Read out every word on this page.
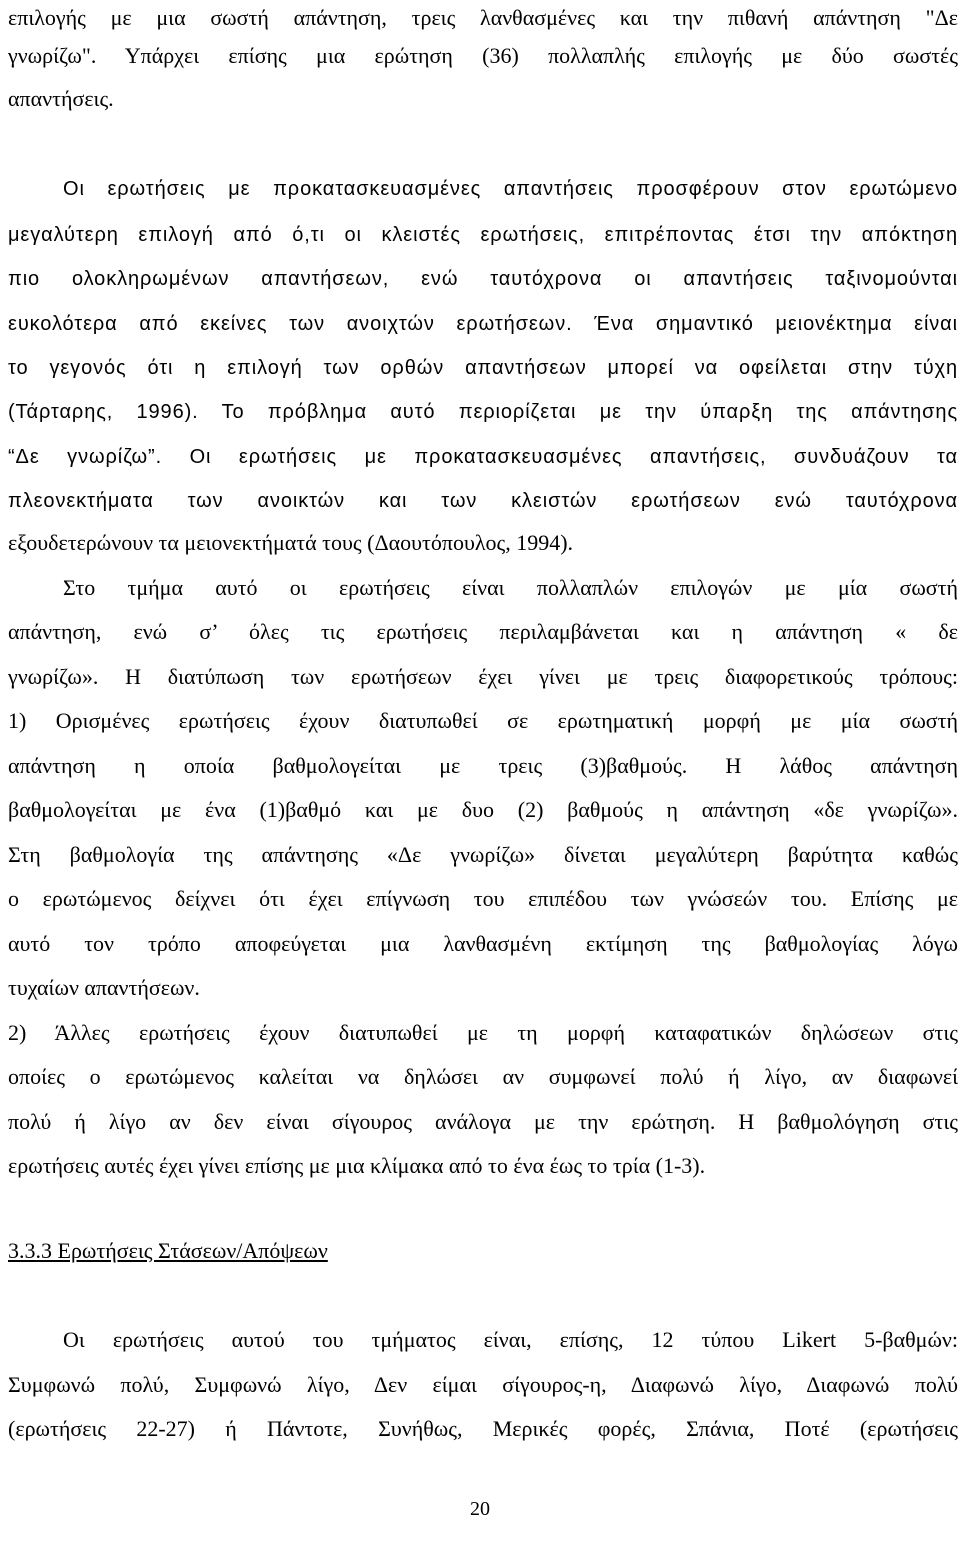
επιλογής με μια σωστή απάντηση, τρεις λανθασμένες και την πιθανή απάντηση "Δε
γνωρίζω". Υπάρχει επίσης μια ερώτηση (36) πολλαπλής επιλογής με δύο σωστές
απαντήσεις.
Οι ερωτήσεις με προκατασκευασμένες απαντήσεις προσφέρουν στον ερωτώμενο
μεγαλύτερη επιλογή από ό,τι οι κλειστές ερωτήσεις, επιτρέποντας έτσι την απόκτηση
πιο ολοκληρωμένων απαντήσεων, ενώ ταυτόχρονα οι απαντήσεις ταξινομούνται
ευκολότερα από εκείνες των ανοιχτών ερωτήσεων. Ένα σημαντικό μειονέκτημα είναι
το γεγονός ότι η επιλογή των ορθών απαντήσεων μπορεί να οφείλεται στην τύχη
(Τάρταρης, 1996). Το πρόβλημα αυτό περιορίζεται με την ύπαρξη της απάντησης
“Δε γνωρίζω”. Οι ερωτήσεις με προκατασκευασμένες απαντήσεις, συνδυάζουν τα
πλεονεκτήματα των ανοικτών και των κλειστών ερωτήσεων ενώ ταυτόχρονα
εξουδετερώνουν τα μειονεκτήματά τους (Δαουτόπουλος, 1994).
Στο τμήμα αυτό οι ερωτήσεις είναι πολλαπλών επιλογών με μία σωστή
απάντηση, ενώ σ’ όλες τις ερωτήσεις περιλαμβάνεται και η απάντηση « δε
γνωρίζω». Η διατύπωση των ερωτήσεων έχει γίνει με τρεις διαφορετικούς τρόπους:
1) Ορισμένες ερωτήσεις έχουν διατυπωθεί σε ερωτηματική μορφή με μία σωστή
απάντηση η οποία βαθμολογείται με τρεις (3)βαθμούς. Η λάθος απάντηση
βαθμολογείται με ένα (1)βαθμό και με δυο (2) βαθμούς η απάντηση «δε γνωρίζω».
Στη βαθμολογία της απάντησης «Δε γνωρίζω» δίνεται μεγαλύτερη βαρύτητα καθώς
ο ερωτώμενος δείχνει ότι έχει επίγνωση του επιπέδου των γνώσεών του. Επίσης με
αυτό τον τρόπο αποφεύγεται μια λανθασμένη εκτίμηση της βαθμολογίας λόγω
τυχαίων απαντήσεων.
2) Άλλες ερωτήσεις έχουν διατυπωθεί με τη μορφή καταφατικών δηλώσεων στις
οποίες ο ερωτώμενος καλείται να δηλώσει αν συμφωνεί πολύ ή λίγο, αν διαφωνεί
πολύ ή λίγο αν δεν είναι σίγουρος ανάλογα με την ερώτηση. Η βαθμολόγηση στις
ερωτήσεις αυτές έχει γίνει επίσης με μια κλίμακα από το ένα έως το τρία (1-3).
3.3.3 Ερωτήσεις Στάσεων/Απόψεων
Οι ερωτήσεις αυτού του τμήματος είναι, επίσης, 12 τύπου Likert 5-βαθμών:
Συμφωνώ πολύ, Συμφωνώ λίγο, Δεν είμαι σίγουρος-η, Διαφωνώ λίγο, Διαφωνώ πολύ
(ερωτήσεις 22-27) ή Πάντοτε, Συνήθως, Μερικές φορές, Σπάνια, Ποτέ (ερωτήσεις
20
